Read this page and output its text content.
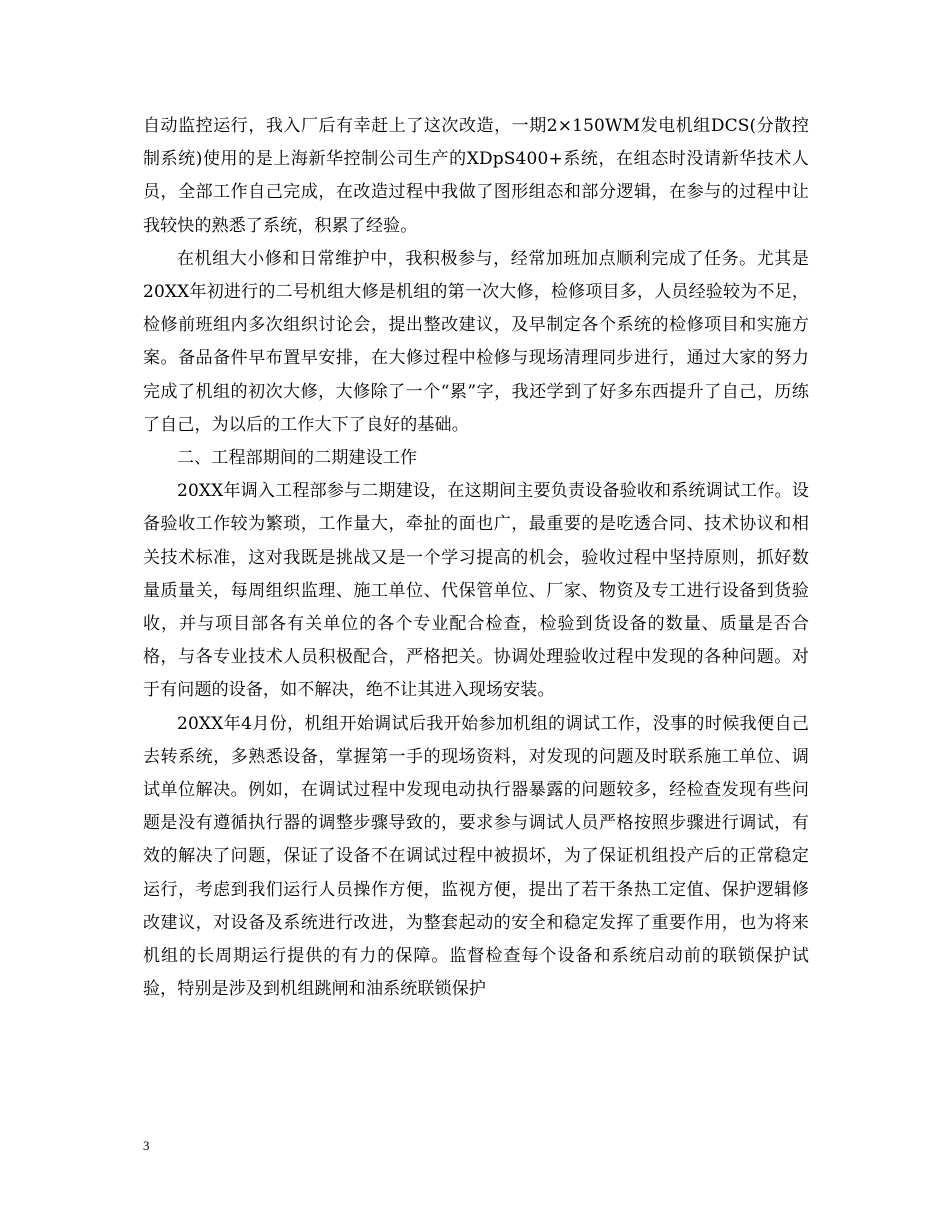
自动监控运行，我入厂后有幸赶上了这次改造，一期2×150WM发电机组DCS(分散控制系统)使用的是上海新华控制公司生产的XDpS400+系统，在组态时没请新华技术人员，全部工作自己完成，在改造过程中我做了图形组态和部分逻辑，在参与的过程中让我较快的熟悉了系统，积累了经验。

在机组大小修和日常维护中，我积极参与，经常加班加点顺利完成了任务。尤其是20XX年初进行的二号机组大修是机组的第一次大修，检修项目多，人员经验较为不足，检修前班组内多次组织讨论会，提出整改建议，及早制定各个系统的检修项目和实施方案。备品备件早布置早安排，在大修过程中检修与现场清理同步进行，通过大家的努力完成了机组的初次大修，大修除了一个“累”字，我还学到了好多东西提升了自己，历练了自己，为以后的工作大下了良好的基础。

二、工程部期间的二期建设工作

20XX年调入工程部参与二期建设，在这期间主要负责设备验收和系统调试工作。设备验收工作较为繁琐，工作量大，牵扯的面也广，最重要的是吃透合同、技术协议和相关技术标准，这对我既是挑战又是一个学习提高的机会，验收过程中坚持原则，抓好数量质量关，每周组织监理、施工单位、代保管单位、厂家、物资及专工进行设备到货验收，并与项目部各有关单位的各个专业配合检查，检验到货设备的数量、质量是否合格，与各专业技术人员积极配合，严格把关。协调处理验收过程中发现的各种问题。对于有问题的设备，如不解决，绝不让其进入现场安装。

20XX年4月份，机组开始调试后我开始参加机组的调试工作，没事的时候我便自己去转系统，多熟悉设备，掌握第一手的现场资料，对发现的问题及时联系施工单位、调试单位解决。例如，在调试过程中发现电动执行器暴露的问题较多，经检查发现有些问题是没有遵循执行器的调整步骤导致的，要求参与调试人员严格按照步骤进行调试，有效的解决了问题，保证了设备不在调试过程中被损坏，为了保证机组投产后的正常稳定运行，考虑到我们运行人员操作方便，监视方便，提出了若干条热工定值、保护逻辑修改建议，对设备及系统进行改进，为整套起动的安全和稳定发挥了重要作用，也为将来机组的长周期运行提供的有力的保障。监督检查每个设备和系统启动前的联锁保护试验，特别是涉及到机组跳闸和油系统联锁保护

3
